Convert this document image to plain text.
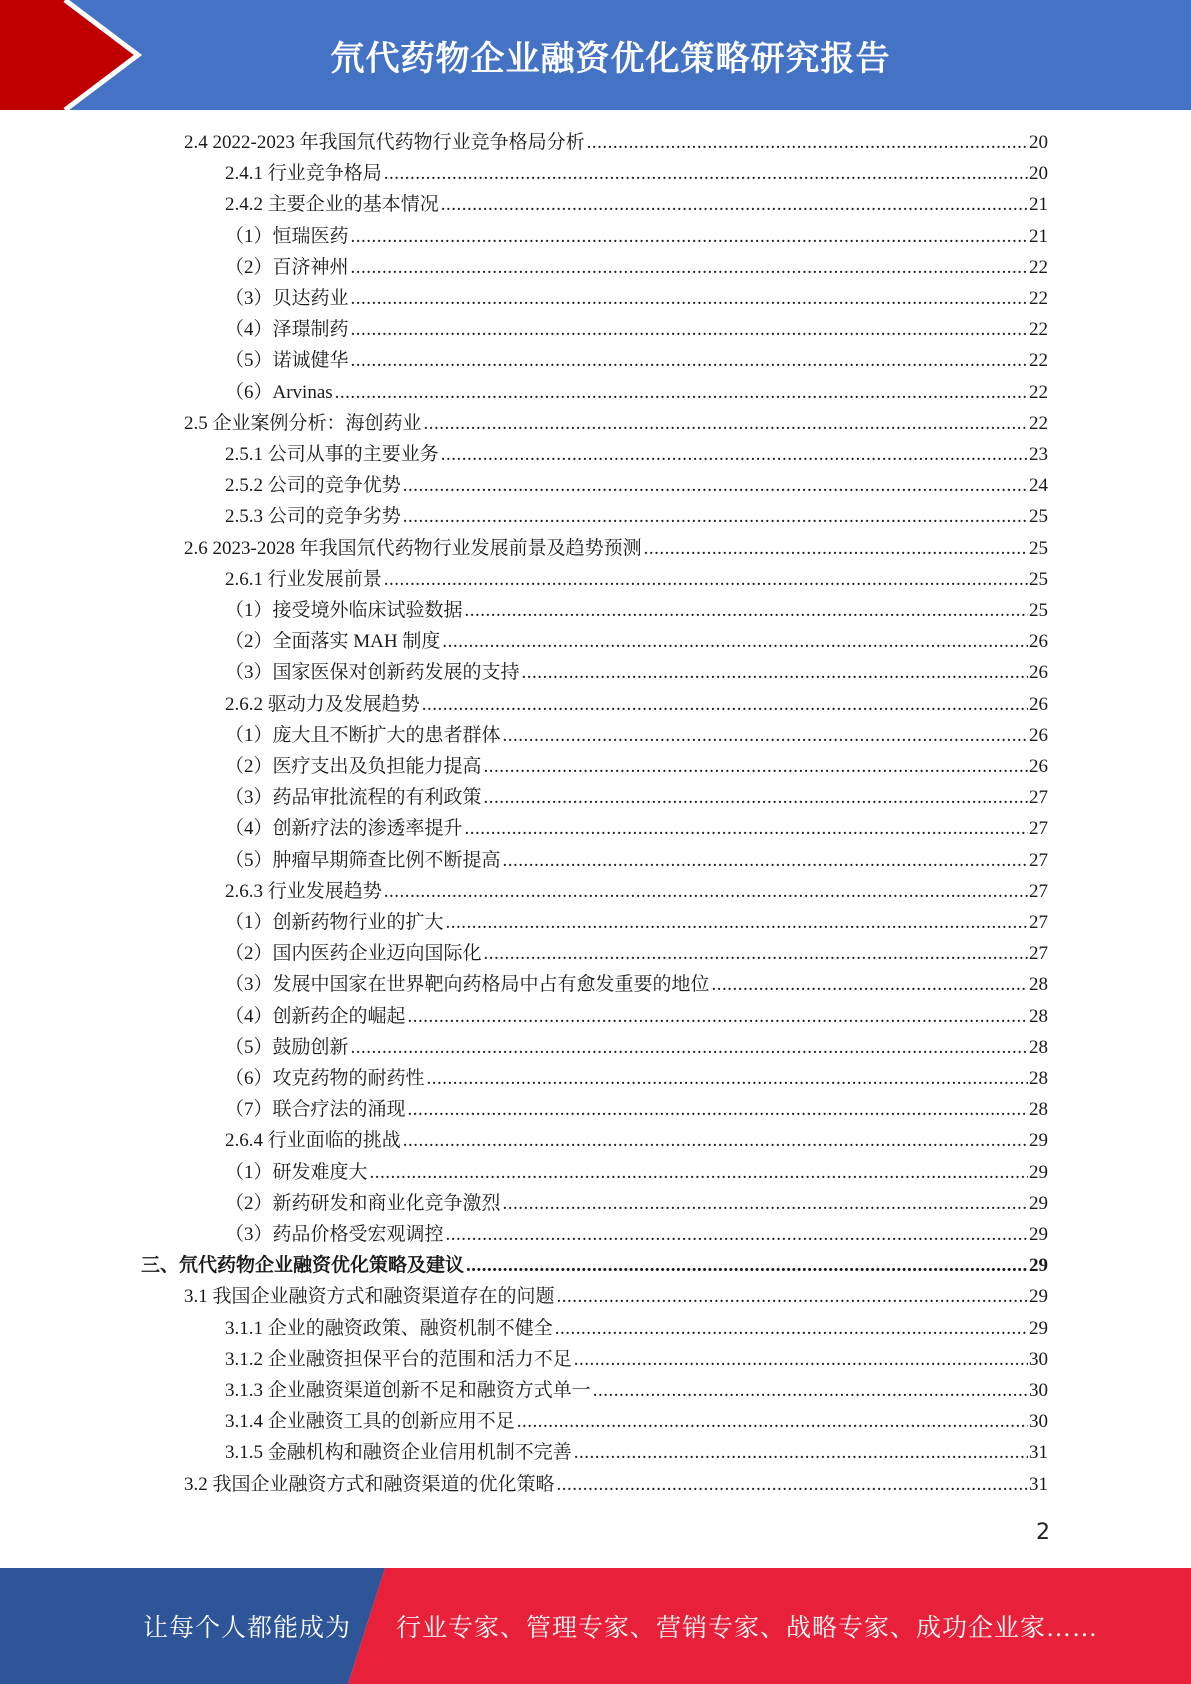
氘代药物企业融资优化策略研究报告
2.4 2022-2023 年我国氘代药物行业竞争格局分析 .....	20
2.4.1 行业竞争格局 .....	20
2.4.2 主要企业的基本情况 .....	21
（1）恒瑞医药 .....	21
（2）百济神州 .....	22
（3）贝达药业 .....	22
（4）泽璟制药 .....	22
（5）诺诚健华 .....	22
（6）Arvinas .....	22
2.5 企业案例分析：海创药业 .....	22
2.5.1 公司从事的主要业务 .....	23
2.5.2 公司的竞争优势 .....	24
2.5.3 公司的竞争劣势 .....	25
2.6 2023-2028 年我国氘代药物行业发展前景及趋势预测 .....	25
2.6.1 行业发展前景 .....	25
（1）接受境外临床试验数据 .....	25
（2）全面落实 MAH 制度 .....	26
（3）国家医保对创新药发展的支持 .....	26
2.6.2 驱动力及发展趋势 .....	26
（1）庞大且不断扩大的患者群体 .....	26
（2）医疗支出及负担能力提高 .....	26
（3）药品审批流程的有利政策 .....	27
（4）创新疗法的渗透率提升 .....	27
（5）肿瘤早期筛查比例不断提高 .....	27
2.6.3 行业发展趋势 .....	27
（1）创新药物行业的扩大 .....	27
（2）国内医药企业迈向国际化 .....	27
（3）发展中国家在世界靶向药格局中占有愈发重要的地位 .....	28
（4）创新药企的崛起 .....	28
（5）鼓励创新 .....	28
（6）攻克药物的耐药性 .....	28
（7）联合疗法的涌现 .....	28
2.6.4 行业面临的挑战 .....	29
（1）研发难度大 .....	29
（2）新药研发和商业化竞争激烈 .....	29
（3）药品价格受宏观调控 .....	29
三、氘代药物企业融资优化策略及建议 .....	29
3.1 我国企业融资方式和融资渠道存在的问题 .....	29
3.1.1 企业的融资政策、融资机制不健全 .....	29
3.1.2 企业融资担保平台的范围和活力不足 .....	30
3.1.3 企业融资渠道创新不足和融资方式单一 .....	30
3.1.4 企业融资工具的创新应用不足 .....	30
3.1.5 金融机构和融资企业信用机制不完善 .....	31
3.2 我国企业融资方式和融资渠道的优化策略 .....	31
2
让每个人都能成为 行业专家、管理专家、营销专家、战略专家、成功企业家……
